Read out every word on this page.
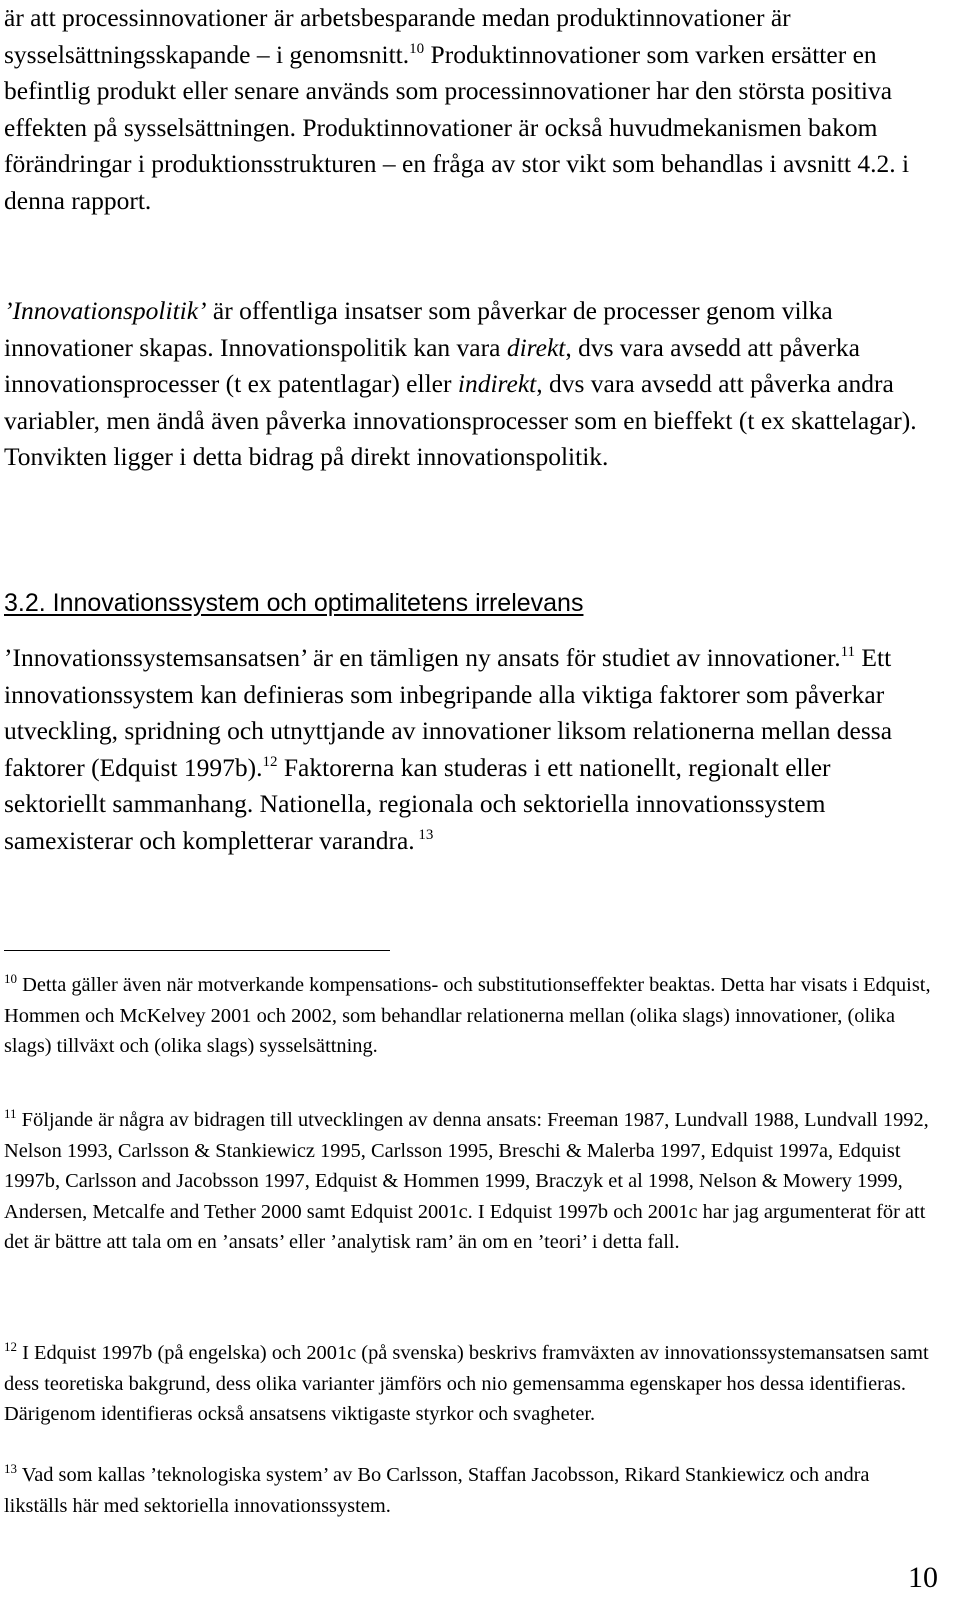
är att processinnovationer är arbetsbesparande medan produktinnovationer är sysselsättningsskapande – i genomsnitt.$^{10}$ Produktinnovationer som varken ersätter en befintlig produkt eller senare används som processinnovationer har den största positiva effekten på sysselsättningen. Produktinnovationer är också huvudmekanismen bakom förändringar i produktionsstrukturen – en fråga av stor vikt som behandlas i avsnitt 4.2. i denna rapport.

’Innovationspolitik’ är offentliga insatser som påverkar de processer genom vilka innovationer skapas. Innovationspolitik kan vara direkt, dvs vara avsedd att påverka innovationsprocesser (t ex patentlagar) eller indirekt, dvs vara avsedd att påverka andra variabler, men ändå även påverka innovationsprocesser som en bieffekt (t ex skattelagar). Tonvikten ligger i detta bidrag på direkt innovationspolitik.

3.2. Innovationssystem och optimalitetens irrelevans

’Innovationssystemsansatsen’ är en tämligen ny ansats för studiet av innovationer.$^{11}$ Ett innovationssystem kan definieras som inbegripande alla viktiga faktorer som påverkar utveckling, spridning och utnyttjande av innovationer liksom relationerna mellan dessa faktorer (Edquist 1997b).$^{12}$ Faktorerna kan studeras i ett nationellt, regionalt eller sektoriellt sammanhang. Nationella, regionala och sektoriella innovationssystem samexisterar och kompletterar varandra. $^{13}$

$^{10}$ Detta gäller även när motverkande kompensations- och substitutionseffekter beaktas. Detta har visats i Edquist, Hommen och McKelvey 2001 och 2002, som behandlar relationerna mellan (olika slags) innovationer, (olika slags) tillväxt och (olika slags) sysselsättning.

$^{11}$ Följande är några av bidragen till utvecklingen av denna ansats: Freeman 1987, Lundvall 1988, Lundvall 1992, Nelson 1993, Carlsson & Stankiewicz 1995, Carlsson 1995, Breschi & Malerba 1997, Edquist 1997a, Edquist 1997b, Carlsson and Jacobsson 1997, Edquist & Hommen 1999, Braczyk et al 1998, Nelson & Mowery 1999, Andersen, Metcalfe and Tether 2000 samt Edquist 2001c. I Edquist 1997b och 2001c har jag argumenterat för att det är bättre att tala om en ’ansats’ eller ’analytisk ram’ än om en ’teori’ i detta fall.

$^{12}$ I Edquist 1997b (på engelska) och 2001c (på svenska) beskrivs framväxten av innovationssystemansatsen samt dess teoretiska bakgrund, dess olika varianter jämförs och nio gemensamma egenskaper hos dessa identifieras. Därigenom identifieras också ansatsens viktigaste styrkor och svagheter.

$^{13}$ Vad som kallas ’teknologiska system’ av Bo Carlsson, Staffan Jacobsson, Rikard Stankiewicz och andra likställs här med sektoriella innovationssystem.

10
